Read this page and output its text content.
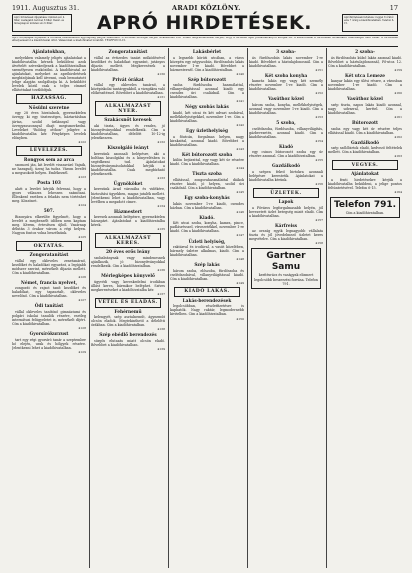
1911. Augusztus 31.	ARADI KÖZLÖNY.	17
Apró hirdetések díjszabása: minden szó 4 fillér, vastagabb betűvel 8 fillér. Vasár- és ünnepnapon minden szó 6 fillér.	APRÓ HIRDETÉSEK.	Apróhirdetések felvétele: reggel 8 órától este 7 óráig a kiadóhivatalban. Telefon 6-15.
Apró hirdetések díjtételét a hirdetés beküldésével egyidejűleg kérjük beküldeni. A hirdetés szövegét kérjük olvashatóan írni. Vidéki megrendelőinket kérjük, hogy a hirdetés díját postautalványon küldjék be. A kiadóhivatal a hirdetések tartalmáért felelősséget nem vállal. A hirdetések elhelyezéséről a kiadóhivatal dönt. Válaszokat a kiadóhivatal továbbít. TELEFON 6-15.
Ajánlatokban,
melyekben valamely jeligés ajánlatokat a kiadóhivatalba kérnek beküldeni azok átvételét szíveskedjenek a kiadóhivatalban személyesen eszközölni. A kiadóhivatal az ajánlatokat, melyeket az apróhirdetések megbízójának kell átvenni, csak bemutatott jelige alapján szolgáltatja ki. A beküldött levelek közül csak a teljes címmel ellátottakat továbbítjuk.
HÁZASSÁG.
Nősülni szeretne
egy 28 éves hivatalnok, gyermektelen özvegy, ki egy tisztességes, háztartásban jártas, szolid úrilánnyal vagy özvegyasszonnyal óhajt megismerkedni. Leveleket "Boldog otthon" jeligére a kiadóhivatalba kér. Fényképes levelek előnyben.
4122
LEVELEZÉS.
Rongyos sem az arca
szomorú ján, kit levelét visszaváró Vajnik, ne haragudj, üzenj ha tudsz. Várom levelét a megszokott helyen. Emlékezzél.
4123
Posta 103
alatt a levelet kérjük felvenni, hogy a gyors válaszra lehessen számítani. Ellenkező esetben a feladás nem történhet meg. Köszönet.
4124
507.
Bizonyára elkerülte figyelmét, hogy a levelét a megbeszélt időben nem kaptam meg. Kérem, értesítsen újból. Vasárnap délután 3 órakor várom a régi helyen. Nagyon fontos volna beszélnünk.
4125
OKTATÁS.
Zongoratanítást
vállal egy okleveles zenetanárnő, kezdőket és haladókat egyaránt, a legújabb módszer szerint, mérsékelt díjazás mellett. Cím a kiadóhivatalban.
4126
Német, francia nyelvet,
zongorát és rajzot tanít kezdőket és haladókat, egy tapasztalt, okleveles nevelőnő. Cím a kiadóhivatalban.
4127
Ódi tanítást
vállal okleveles tanítónő gimnáziumi és polgári iskolai tanulók részére, esetleg internátusi felügyeletet is, mérsékelt díjért. Cím a kiadóhivatalban.
4128
Gyorsírókurzust
tart egy régi gyorsíró tanár a szeptember hó elején, urak és hölgyek részére. Jelentkezni lehet a kiadóhivatalban.
4129
Zongoratanítást
vállal az évtizedes tanári működésével kezdőket és haladókat egyaránt, jutányos díjazás mellett. Megkeresések a kiadóhivatalban.
4130
Privát órákat
vállal egy okleveles tanárnő, a középiskolai tantárgyakból, a vizsgákra való előkészítéssel. Bővebbet a kiadóhivatalban.
4131
ALKALMAZÁST NYER.
Szakácsnőt keresek
aki tiszta, ügyes és rendes, jó bizonyítványokkal rendelkezik. Cím a kiadóhivatalban, délelőtt 10-12-ig jelentkezzen.
4132
Kiszolgáló leányt
keresünk azonnali belépésre, aki a boltban kiszolgálni és a könyvelésben is segédkezni tud. Ajánlatokat bizonyítványmásolatokkal kérjük a kiadóhivatalba. Csak megbízható jelentkezzék.
4133
Ügynököket
keresünk Arad városába és vidékére, biztosítási ügyekben, magas jutalék mellett. Jelentkezni lehet a kiadóhivatalban, vagy levélben a megadott címre.
4134
Házmestert
keresek azonnali belépésre, gyermektelen házaspárt. Ajánlatokat a kiadóhivatalba kérek.
4135
ALKALMAZÁST KERES.
20 éves erős leány
szobaleánynak vagy mindenesnek ajánlkozik, jó bizonyítványokkal rendelkezik. Cím a kiadóhivatalban.
4136
Mérlegképes könyvelő
ügyvédi vagy kereskedelmi irodában állást keres, bármikor beléphet. Szíves megkereséseket a kiadóhivatalba kér.
4137
VÉTEL ÉS ELADÁS.
Fehérnemű
kelengyét, szép asztalneműt, ágyneműt olcsón eladok. Megtekinthető a délelőtti órákban. Cím a kiadóhivatalban.
4138
Szép ebédlő berendezés
sürgős elutazás miatt olcsón eladó. Bővebbet a kiadóhivatalban.
4139
Lakásbérlet
a legszebb körúti utcában, a város közepén egy négyszobás, fürdőszobás lakás november 1-re kiadó. Bővebbet a házmesternél. Cím a kiadóhivatalban.
4140
Szép bútorozott
szoba fürdőszoba használattal, villanyvilágítással azonnal kiadó egy csendes úri családnál. Cím a kiadóhivatalban.
4141
Négy szobás lakás
kiadó, két utcai és két udvari szobával, mellékhelyiségekkel, november 1-re. Cím a kiadóhivatalban.
4142
Egy üzlethelyiség
a főutcán, forgalmas helyen, nagy kirakattal, azonnal kiadó. Bővebbet a kiadóhivatalban.
4143
Két bútorozott szoba
külön bejárattal, egy vagy két úr részére kiadó. Cím a kiadóhivatalban.
4144
Tiszta szoba
ellátással, zongorahasználattal diákok részére kiadó, jó helyen, szolid úri családnál. Cím a kiadóhivatalban.
4145
Egy szoba-konyhás
lakás november 1-re kiadó, csendes házban. Cím a kiadóhivatalban.
4146
Kiadó.
Két utcai szoba, konyha, kamra, pince, padlásrésszel, vízvezetékkel, november 1-re kiadó. Cím a kiadóhivatalban.
4147
Üzleti helyiség,
raktárral és irodával, a vasút közelében, bármely üzletre alkalmas, kiadó. Cím a kiadóhivatalban.
4148
Szép lakás
három szoba, előszoba, fürdőszoba és cselédszobával, villanyvilágítással kiadó. Cím a kiadóhivatalban.
4149
KIADÓ LAKÁS.
Lakás-berendezések
legolcsóbban, részletfizetésre is kaphatók. Nagy raktár, legmodernebb kivitelben. Cím a kiadóhivatalban.
4150
3 szoba-
ás fürdőszobás lakás november 1-re kiadó. Bővebbet a háztulajdonosnál. Cím a kiadóhivatalban.
4151
Két szoba konyha
kamrás lakás egy vagy két személy részére november 1-re kiadó. Cím a kiadóhivatalban.
4152
Vasúthoz közel
három szoba, konyha, mellékhelyiségek, azonnal vagy november 1-re kiadó. Cím a kiadóhivatalban.
4153
5 szoba,
cselédszoba, fürdőszoba, villanyvilágítás, gázbevezetés, azonnal kiadó. Cím a kiadóhivatalban.
4154
Kiadó
egy csinos bútorozott szoba egy úr részére azonnal. Cím a kiadóhivatalban.
4155
Gazdálkodó
a szépen fekvő birtokra azonnali belépésre kerestetik. Ajánlatokat a kiadóhivatalba kérünk.
4156
ÜZLETEK.
Lapok
a Főváros legforgalmasabb helyén, jól bevezetett üzlet betegség miatt eladó. Cím a kiadóhivatalban.
4157
Kárfreiss
az ország egyik legnagyobb vállalata tiszta és jól jövedelmező üzletet keres megvételre. Cím a kiadóhivatalban.
4158
Gartner Samu
kerítésrács és vaságyak elismert legolcsóbb beszerzési forrása. Telefon 791.
2 szoba-
ás fürdőszobás külső lakás azonnal kiadó. Bővebbet a háztulajdonosnál, Fő-utca 12. Cím a kiadóhivatalban.
4159
Két utca Lemeze
kanyar lakás egy ülési részre, a városban november 1-re kiadó. Cím a kiadóhivatalban.
4160
Vasúthoz közel
szép tiszta, napos lakás kiadó azonnal, nagy udvarral, kerttel. Cím a kiadóhivatalban.
4161
Bútorozott
szoba egy vagy két úr részére teljes ellátással kiadó. Cím a kiadóhivatalban.
4162
Gazdálkodó
szép szőlőbirtok eladó, kedvező feltételek mellett. Cím a kiadóhivatalban.
4163
VEGYES.
Ajánlatokat
a fenti hirdetésekre kérjük a kiadóhivatalba beküldeni, a jelige pontos feltüntetésével. Telefon 6-15.
4164
Telefon 791.
Cím a kiadóhivatalban.
